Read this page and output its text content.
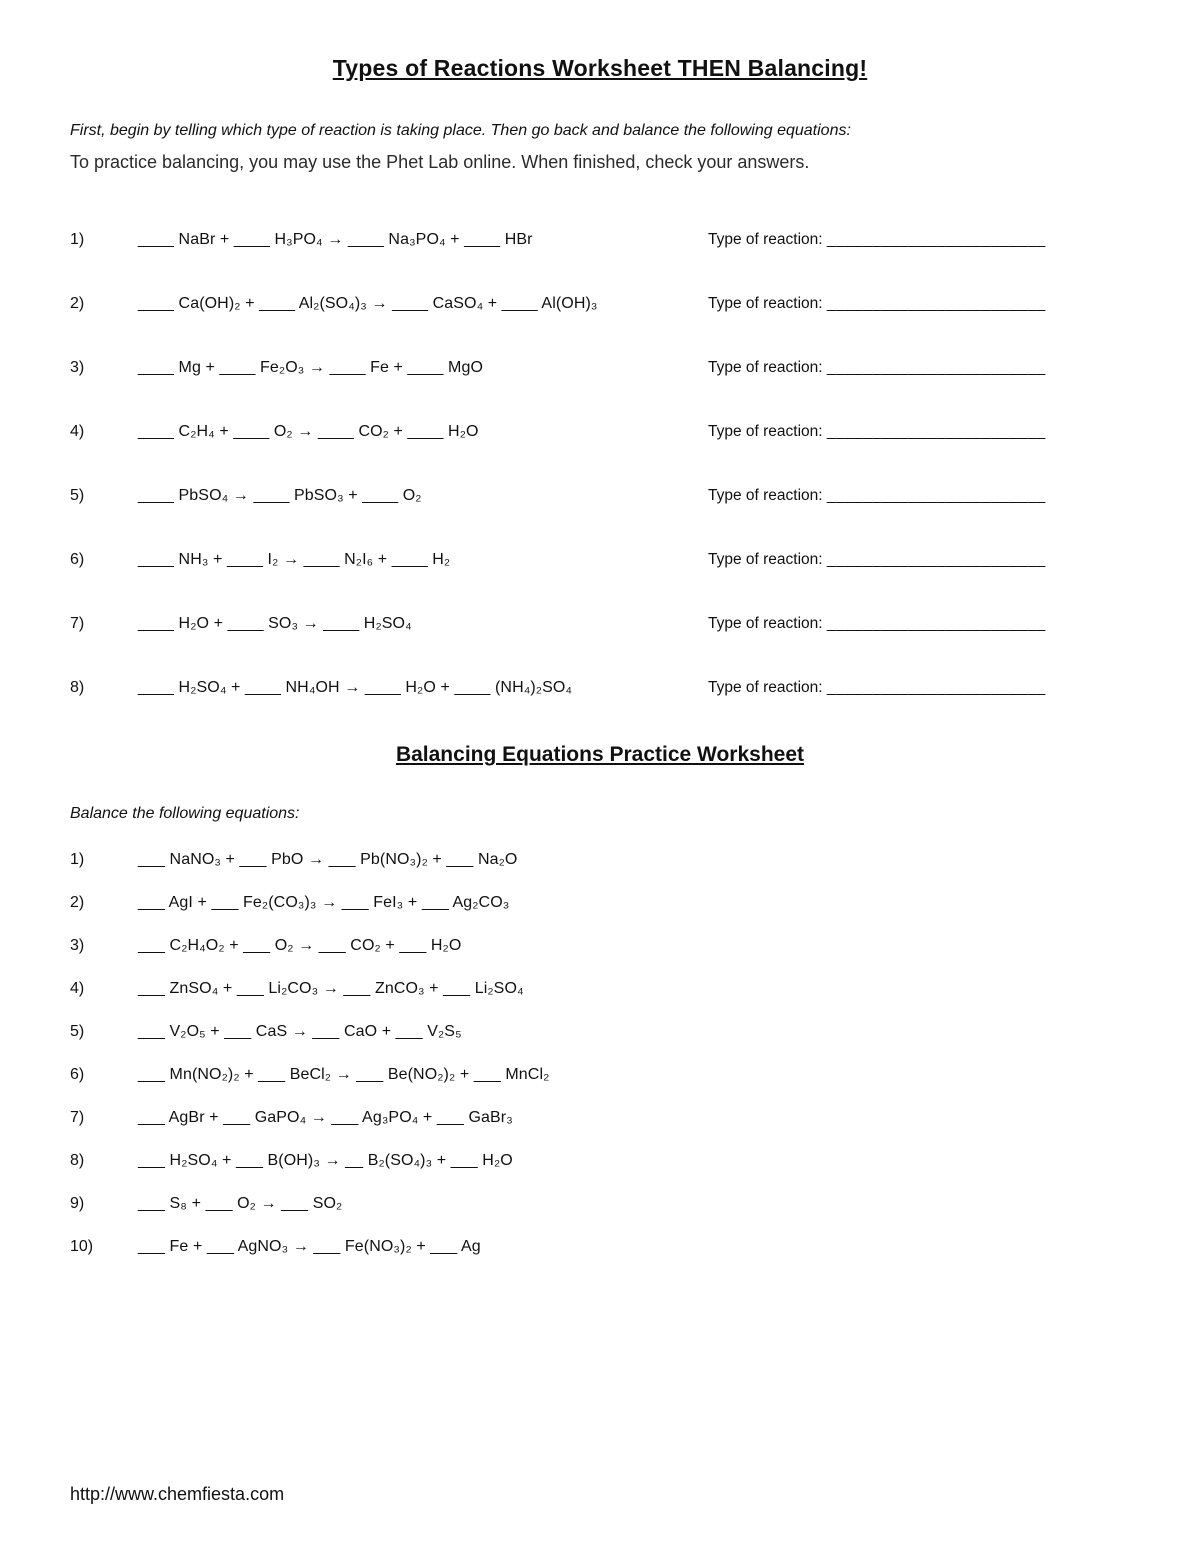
Types of Reactions Worksheet THEN Balancing!
First, begin by telling which type of reaction is taking place. Then go back and balance the following equations:
To practice balancing, you may use the Phet Lab online. When finished, check your answers.
1)	____ NaBr + ____ H₃PO₄ → ____ Na₃PO₄ + ____ HBr	Type of reaction: ________________________
2)	____ Ca(OH)₂ + ____ Al₂(SO₄)₃ → ____ CaSO₄ + ____ Al(OH)₃	Type of reaction: ________________________
3)	____ Mg + ____ Fe₂O₃ → ____ Fe + ____ MgO	Type of reaction: ________________________
4)	____ C₂H₄ + ____ O₂ → ____ CO₂ + ____ H₂O	Type of reaction: ________________________
5)	____ PbSO₄ → ____ PbSO₃ + ____ O₂	Type of reaction: ________________________
6)	____ NH₃ + ____ I₂ → ____ N₂I₆ + ____ H₂	Type of reaction: ________________________
7)	____ H₂O + ____ SO₃ → ____ H₂SO₄	Type of reaction: ________________________
8)	____ H₂SO₄ + ____ NH₄OH → ____ H₂O + ____ (NH₄)₂SO₄	Type of reaction: ________________________
Balancing Equations Practice Worksheet
Balance the following equations:
1)	___ NaNO₃ + ___ PbO → ___ Pb(NO₃)₂ + ___ Na₂O
2)	___ AgI + ___ Fe₂(CO₃)₃ → ___ FeI₃ + ___ Ag₂CO₃
3)	___ C₂H₄O₂ + ___ O₂ → ___ CO₂ + ___ H₂O
4)	___ ZnSO₄ + ___ Li₂CO₃ → ___ ZnCO₃ + ___ Li₂SO₄
5)	___ V₂O₅ + ___ CaS → ___ CaO + ___ V₂S₅
6)	___ Mn(NO₂)₂ + ___ BeCl₂ → ___ Be(NO₂)₂ + ___ MnCl₂
7)	___ AgBr + ___ GaPO₄ → ___ Ag₃PO₄ + ___ GaBr₃
8)	___ H₂SO₄ + ___ B(OH)₃ → __ B₂(SO₄)₃ + ___ H₂O
9)	___ S₈ + ___ O₂ → ___ SO₂
10)	___ Fe + ___ AgNO₃ → ___ Fe(NO₃)₂ + ___ Ag
http://www.chemfiesta.com
